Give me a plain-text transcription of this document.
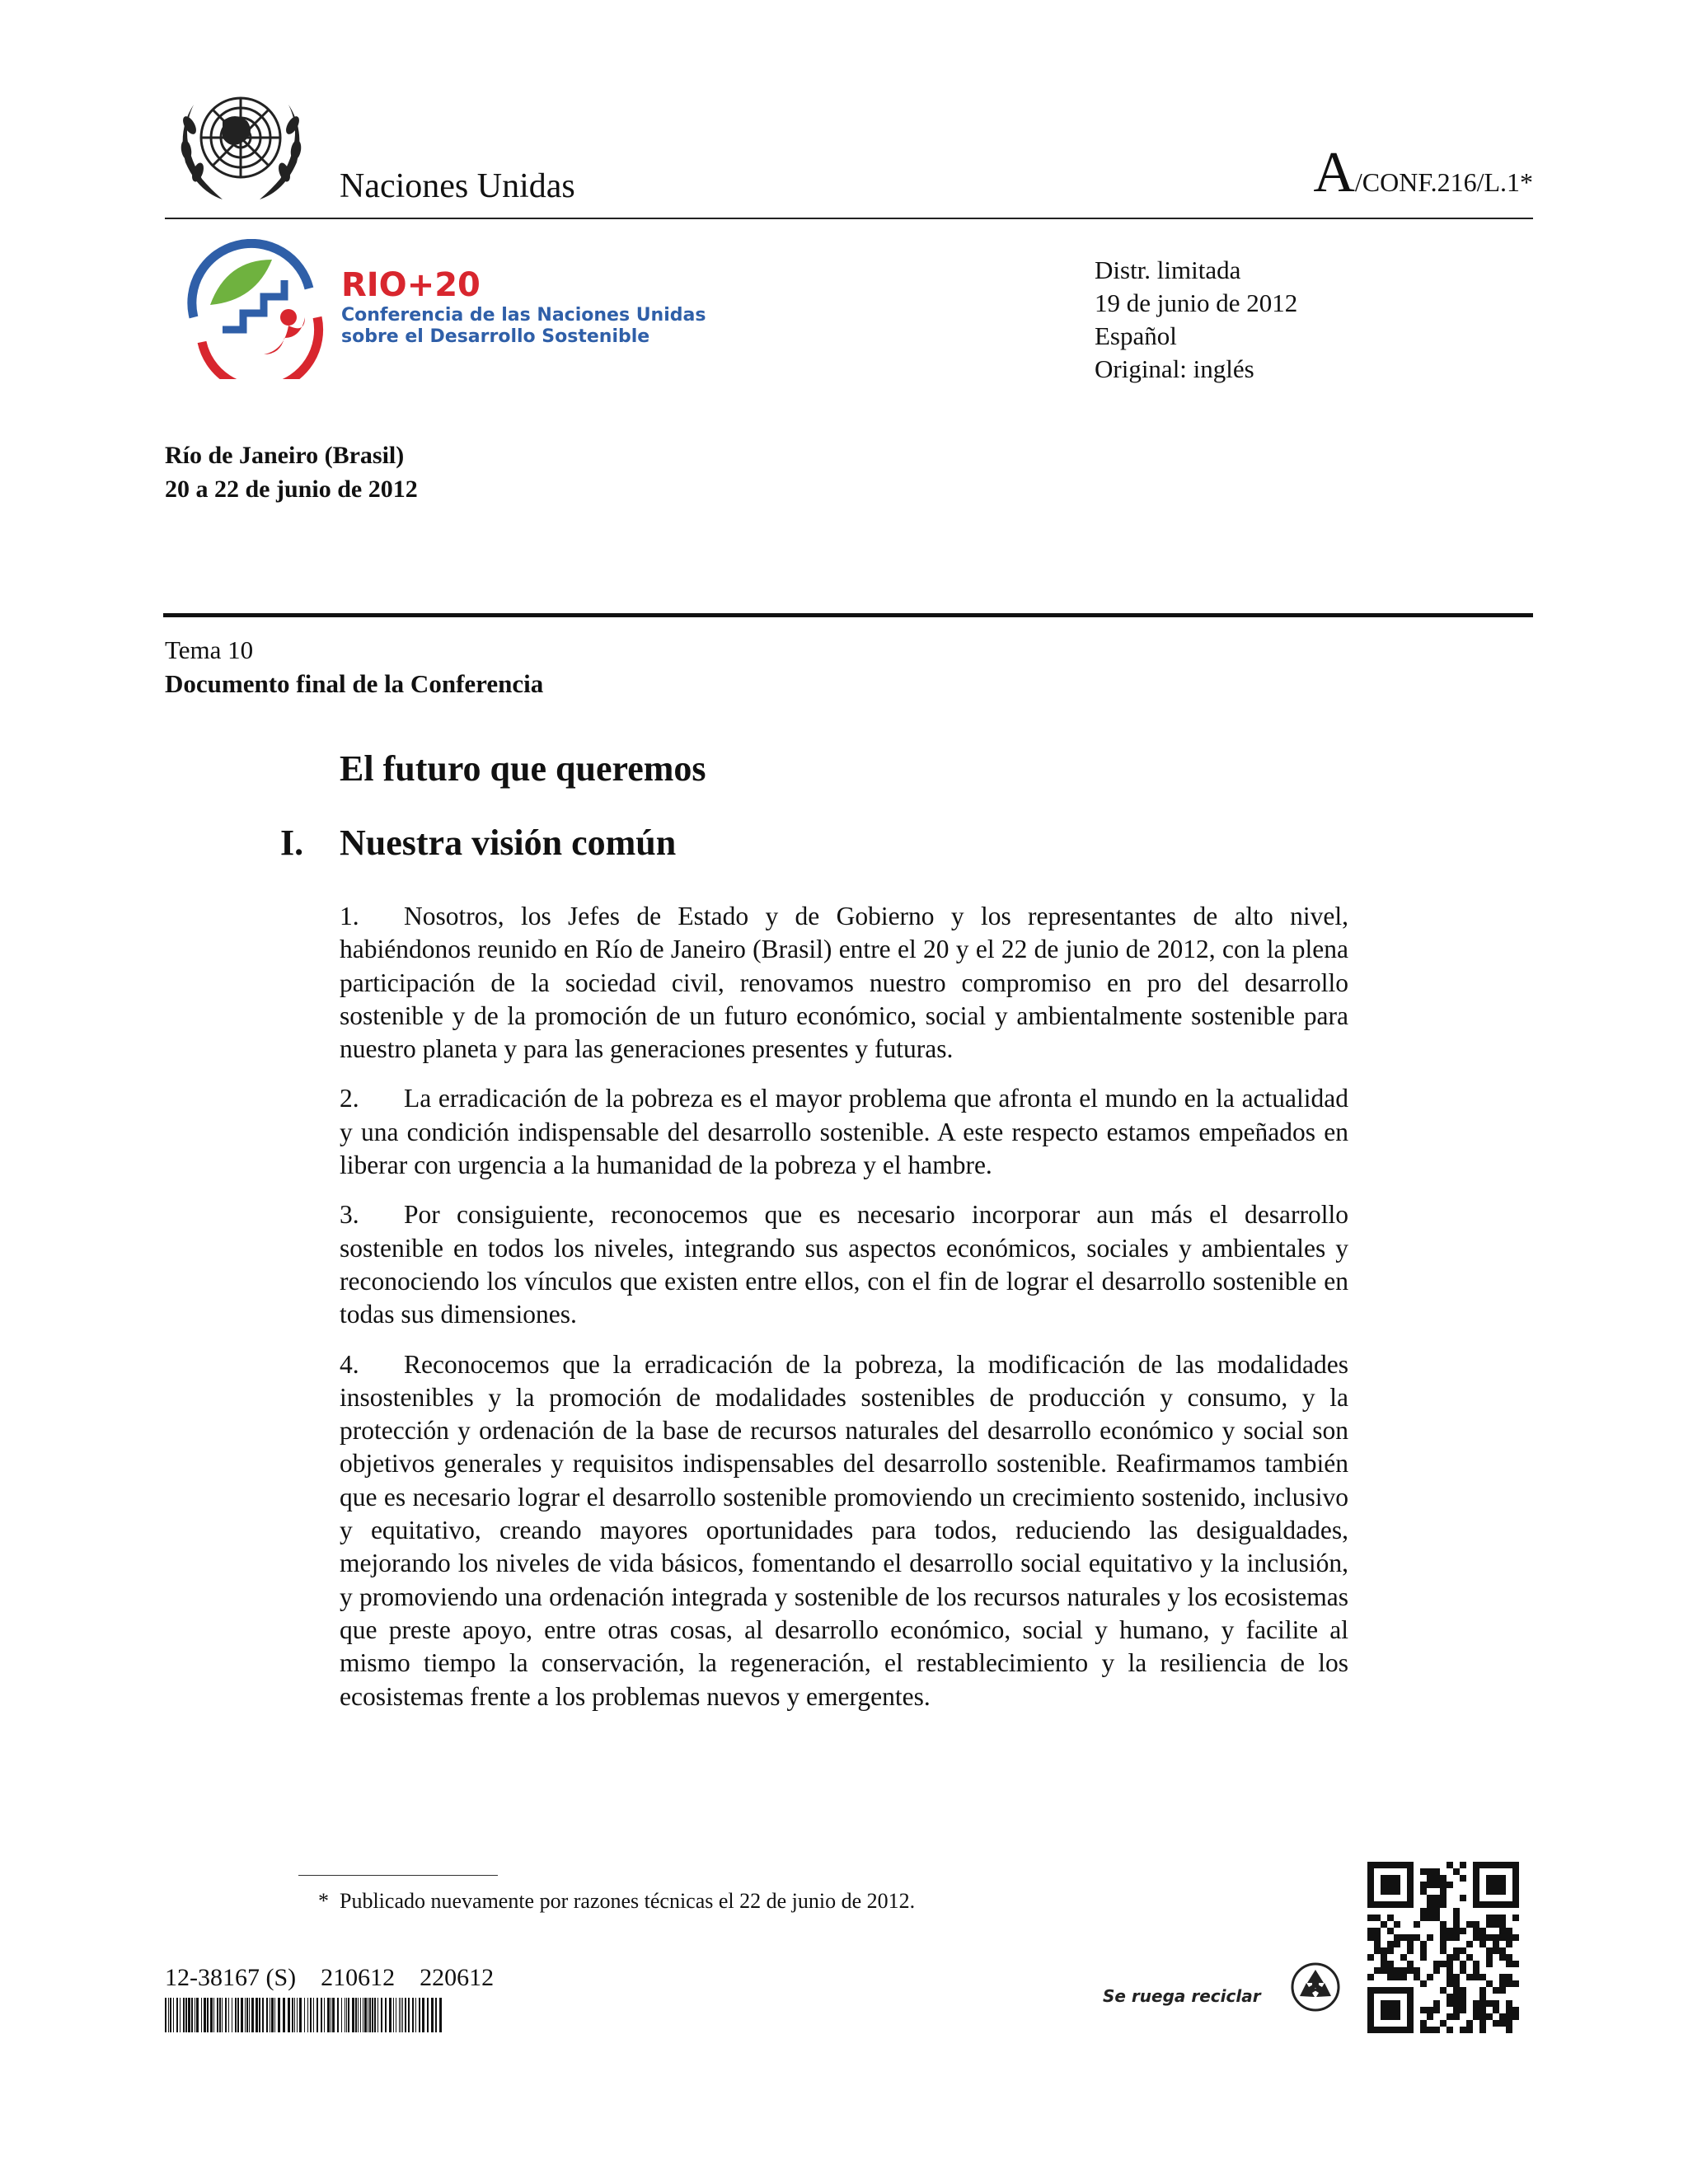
Naciones Unidas	A/CONF.216/L.1*
RIO+20
Conferencia de las Naciones Unidas
sobre el Desarrollo Sostenible
Distr. limitada
19 de junio de 2012
Español
Original: inglés
Río de Janeiro (Brasil)
20 a 22 de junio de 2012
Tema 10
Documento final de la Conferencia
El futuro que queremos
I. Nuestra visión común

1. Nosotros, los Jefes de Estado y de Gobierno y los representantes de alto nivel, habiéndonos reunido en Río de Janeiro (Brasil) entre el 20 y el 22 de junio de 2012, con la plena participación de la sociedad civil, renovamos nuestro compromiso en pro del desarrollo sostenible y de la promoción de un futuro económico, social y ambientalmente sostenible para nuestro planeta y para las generaciones presentes y futuras.

2. La erradicación de la pobreza es el mayor problema que afronta el mundo en la actualidad y una condición indispensable del desarrollo sostenible. A este respecto estamos empeñados en liberar con urgencia a la humanidad de la pobreza y el hambre.

3. Por consiguiente, reconocemos que es necesario incorporar aun más el desarrollo sostenible en todos los niveles, integrando sus aspectos económicos, sociales y ambientales y reconociendo los vínculos que existen entre ellos, con el fin de lograr el desarrollo sostenible en todas sus dimensiones.

4. Reconocemos que la erradicación de la pobreza, la modificación de las modalidades insostenibles y la promoción de modalidades sostenibles de producción y consumo, y la protección y ordenación de la base de recursos naturales del desarrollo económico y social son objetivos generales y requisitos indispensables del desarrollo sostenible. Reafirmamos también que es necesario lograr el desarrollo sostenible promoviendo un crecimiento sostenido, inclusivo y equitativo, creando mayores oportunidades para todos, reduciendo las desigualdades, mejorando los niveles de vida básicos, fomentando el desarrollo social equitativo y la inclusión, y promoviendo una ordenación integrada y sostenible de los recursos naturales y los ecosistemas que preste apoyo, entre otras cosas, al desarrollo económico, social y humano, y facilite al mismo tiempo la conservación, la regeneración, el restablecimiento y la resiliencia de los ecosistemas frente a los problemas nuevos y emergentes.

* Publicado nuevamente por razones técnicas el 22 de junio de 2012.
12-38167 (S) 210612 220612
Se ruega reciclar
